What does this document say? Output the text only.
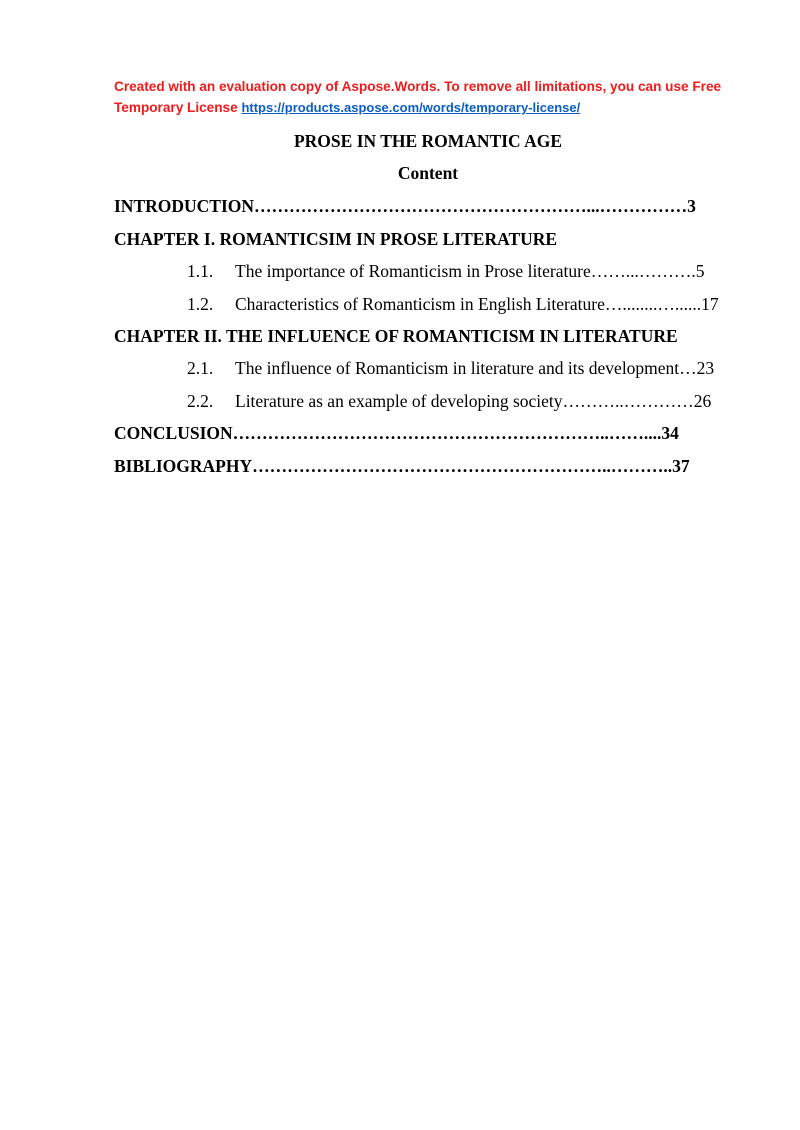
Created with an evaluation copy of Aspose.Words. To remove all limitations, you can use Free Temporary License https://products.aspose.com/words/temporary-license/
PROSE IN THE ROMANTIC AGE
Content
INTRODUCTION…………………………………………………...……………3
CHAPTER I. ROMANTICSIM IN PROSE LITERATURE
1.1. The importance of Romanticism in Prose literature……...……….5
1.2. Characteristics of Romanticism in English Literature…........…......17
CHAPTER II. THE INFLUENCE OF ROMANTICISM IN LITERATURE
2.1. The influence of Romanticism in literature and its development…23
2.2. Literature as an example of developing society………..…………26
CONCLUSION………………………………………………………..……....34
BIBLIOGRAPHY……………………………………………………..………..37
